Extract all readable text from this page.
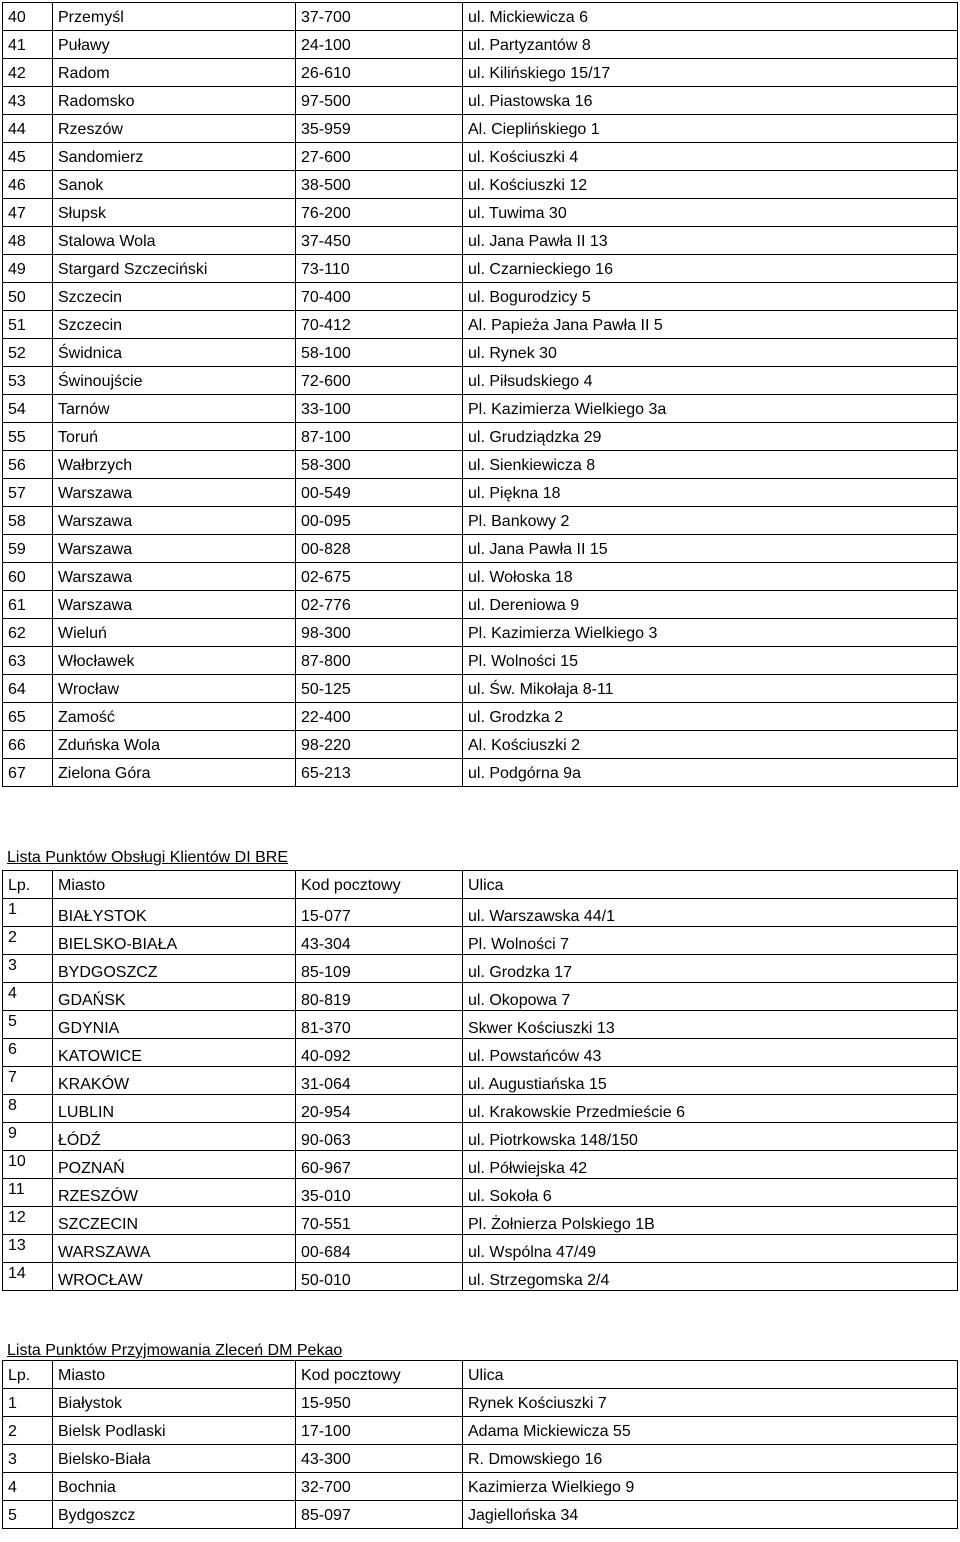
40	Przemyśl	37-700	ul. Mickiewicza 6
41	Puławy	24-100	ul. Partyzantów 8
42	Radom	26-610	ul. Kilińskiego 15/17
43	Radomsko	97-500	ul. Piastowska 16
44	Rzeszów	35-959	Al. Cieplińskiego 1
45	Sandomierz	27-600	ul. Kościuszki 4
46	Sanok	38-500	ul. Kościuszki 12
47	Słupsk	76-200	ul. Tuwima 30
48	Stalowa Wola	37-450	ul. Jana Pawła II 13
49	Stargard Szczeciński	73-110	ul. Czarnieckiego 16
50	Szczecin	70-400	ul. Bogurodzicy 5
51	Szczecin	70-412	Al. Papieża Jana Pawła II 5
52	Świdnica	58-100	ul. Rynek 30
53	Świnoujście	72-600	ul. Piłsudskiego 4
54	Tarnów	33-100	Pl. Kazimierza Wielkiego 3a
55	Toruń	87-100	ul. Grudziądzka 29
56	Wałbrzych	58-300	ul. Sienkiewicza 8
57	Warszawa	00-549	ul. Piękna 18
58	Warszawa	00-095	Pl. Bankowy 2
59	Warszawa	00-828	ul. Jana Pawła II 15
60	Warszawa	02-675	ul. Wołoska 18
61	Warszawa	02-776	ul. Dereniowa 9
62	Wieluń	98-300	Pl. Kazimierza Wielkiego 3
63	Włocławek	87-800	Pl. Wolności 15
64	Wrocław	50-125	ul. Św. Mikołaja 8-11
65	Zamość	22-400	ul. Grodzka 2
66	Zduńska Wola	98-220	Al. Kościuszki 2
67	Zielona Góra	65-213	ul. Podgórna 9a
Lista Punktów Obsługi Klientów DI BRE
Lp.	Miasto	Kod pocztowy	Ulica
1	BIAŁYSTOK	15-077	ul. Warszawska 44/1
2	BIELSKO-BIAŁA	43-304	Pl. Wolności 7
3	BYDGOSZCZ	85-109	ul. Grodzka 17
4	GDAŃSK	80-819	ul. Okopowa 7
5	GDYNIA	81-370	Skwer Kościuszki 13
6	KATOWICE	40-092	ul. Powstańców 43
7	KRAKÓW	31-064	ul. Augustiańska 15
8	LUBLIN	20-954	ul. Krakowskie Przedmieście 6
9	ŁÓDŹ	90-063	ul. Piotrkowska 148/150
10	POZNAŃ	60-967	ul. Półwiejska 42
11	RZESZÓW	35-010	ul. Sokoła 6
12	SZCZECIN	70-551	Pl. Żołnierza Polskiego 1B
13	WARSZAWA	00-684	ul. Wspólna 47/49
14	WROCŁAW	50-010	ul. Strzegomska 2/4
Lista Punktów Przyjmowania Zleceń DM Pekao
Lp.	Miasto	Kod pocztowy	Ulica
1	Białystok	15-950	Rynek Kościuszki 7
2	Bielsk Podlaski	17-100	Adama Mickiewicza 55
3	Bielsko-Biała	43-300	R. Dmowskiego 16
4	Bochnia	32-700	Kazimierza Wielkiego 9
5	Bydgoszcz	85-097	Jagiellońska 34
